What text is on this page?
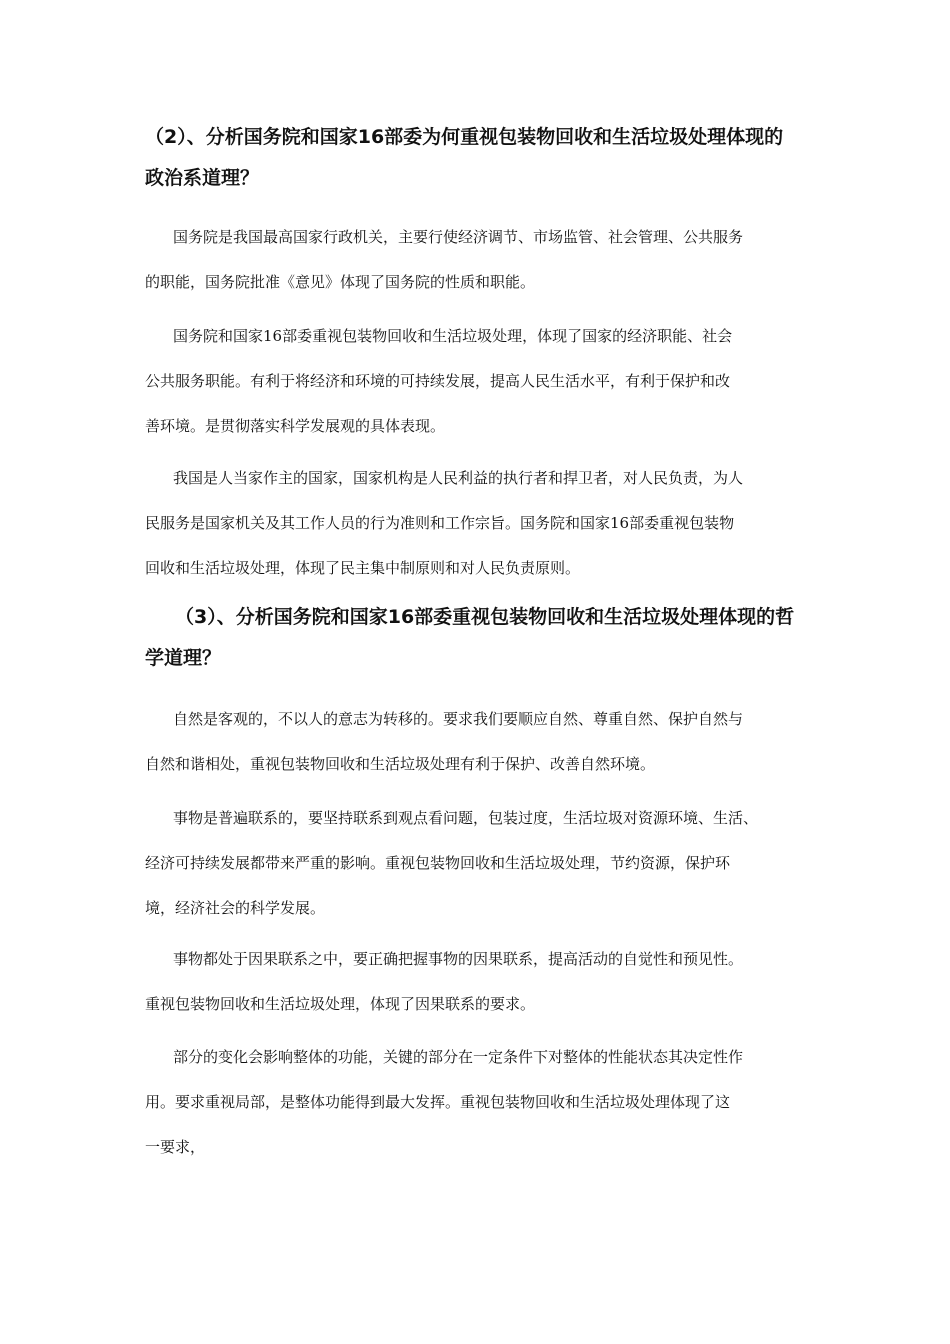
（2）、分析国务院和国家16部委为何重视包装物回收和生活垃圾处理体现的
政治系道理？
国务院是我国最高国家行政机关，主要行使经济调节、市场监管、社会管理、公共服务
的职能，国务院批准《意见》体现了国务院的性质和职能。
国务院和国家16部委重视包装物回收和生活垃圾处理，体现了国家的经济职能、社会
公共服务职能。有利于将经济和环境的可持续发展，提高人民生活水平，有利于保护和改
善环境。是贯彻落实科学发展观的具体表现。
我国是人当家作主的国家，国家机构是人民利益的执行者和捍卫者，对人民负责，为人
民服务是国家机关及其工作人员的行为准则和工作宗旨。国务院和国家16部委重视包装物
回收和生活垃圾处理，体现了民主集中制原则和对人民负责原则。
（3）、分析国务院和国家16部委重视包装物回收和生活垃圾处理体现的哲
学道理？
自然是客观的，不以人的意志为转移的。要求我们要顺应自然、尊重自然、保护自然与
自然和谐相处，重视包装物回收和生活垃圾处理有利于保护、改善自然环境。
事物是普遍联系的，要坚持联系到观点看问题，包装过度，生活垃圾对资源环境、生活、
经济可持续发展都带来严重的影响。重视包装物回收和生活垃圾处理，节约资源，保护环
境，经济社会的科学发展。
事物都处于因果联系之中，要正确把握事物的因果联系，提高活动的自觉性和预见性。
重视包装物回收和生活垃圾处理，体现了因果联系的要求。
部分的变化会影响整体的功能，关键的部分在一定条件下对整体的性能状态其决定性作
用。要求重视局部，是整体功能得到最大发挥。重视包装物回收和生活垃圾处理体现了这
一要求，
